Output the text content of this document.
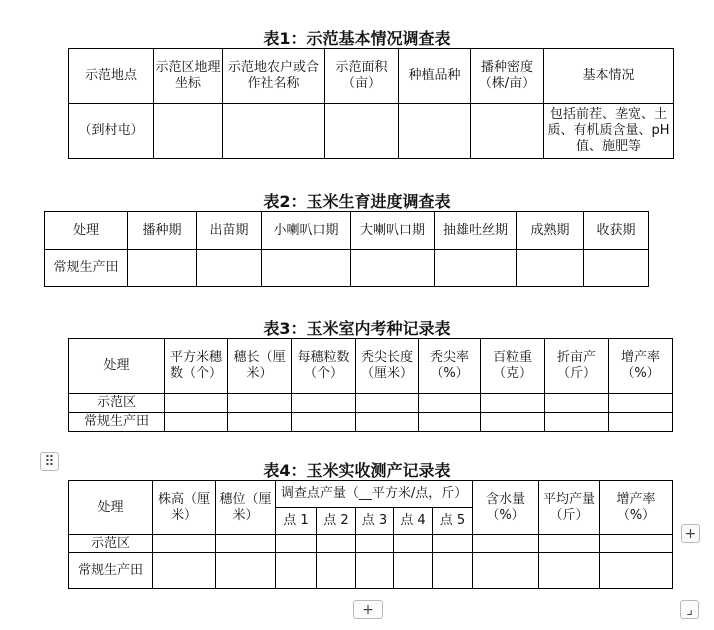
表1：示范基本情况调查表
示范地点	示范区地理坐标	示范地农户或合作社名称	示范面积（亩）	种植品种	播种密度（株/亩）	基本情况
（到村屯）						包括前茬、垄宽、土质、有机质含量、pH 值、施肥等
表2：玉米生育进度调查表
处理	播种期	出苗期	小喇叭口期	大喇叭口期	抽雄吐丝期	成熟期	收获期
常规生产田							
表3：玉米室内考种记录表
处理	平方米穗数（个）	穗长（厘米）	每穗粒数（个）	秃尖长度（厘米）	秃尖率（%）	百粒重（克）	折亩产（斤）	增产率（%）
示范区								
常规生产田								
表4：玉米实收测产记录表
处理	株高（厘米）	穗位（厘米）	调查点产量（__平方米/点，斤）					含水量（%）	平均产量（斤）	增产率（%）
			点 1	点 2	点 3	点 4	点 5			
示范区										
常规生产田										
⠿
+
+	⌟
